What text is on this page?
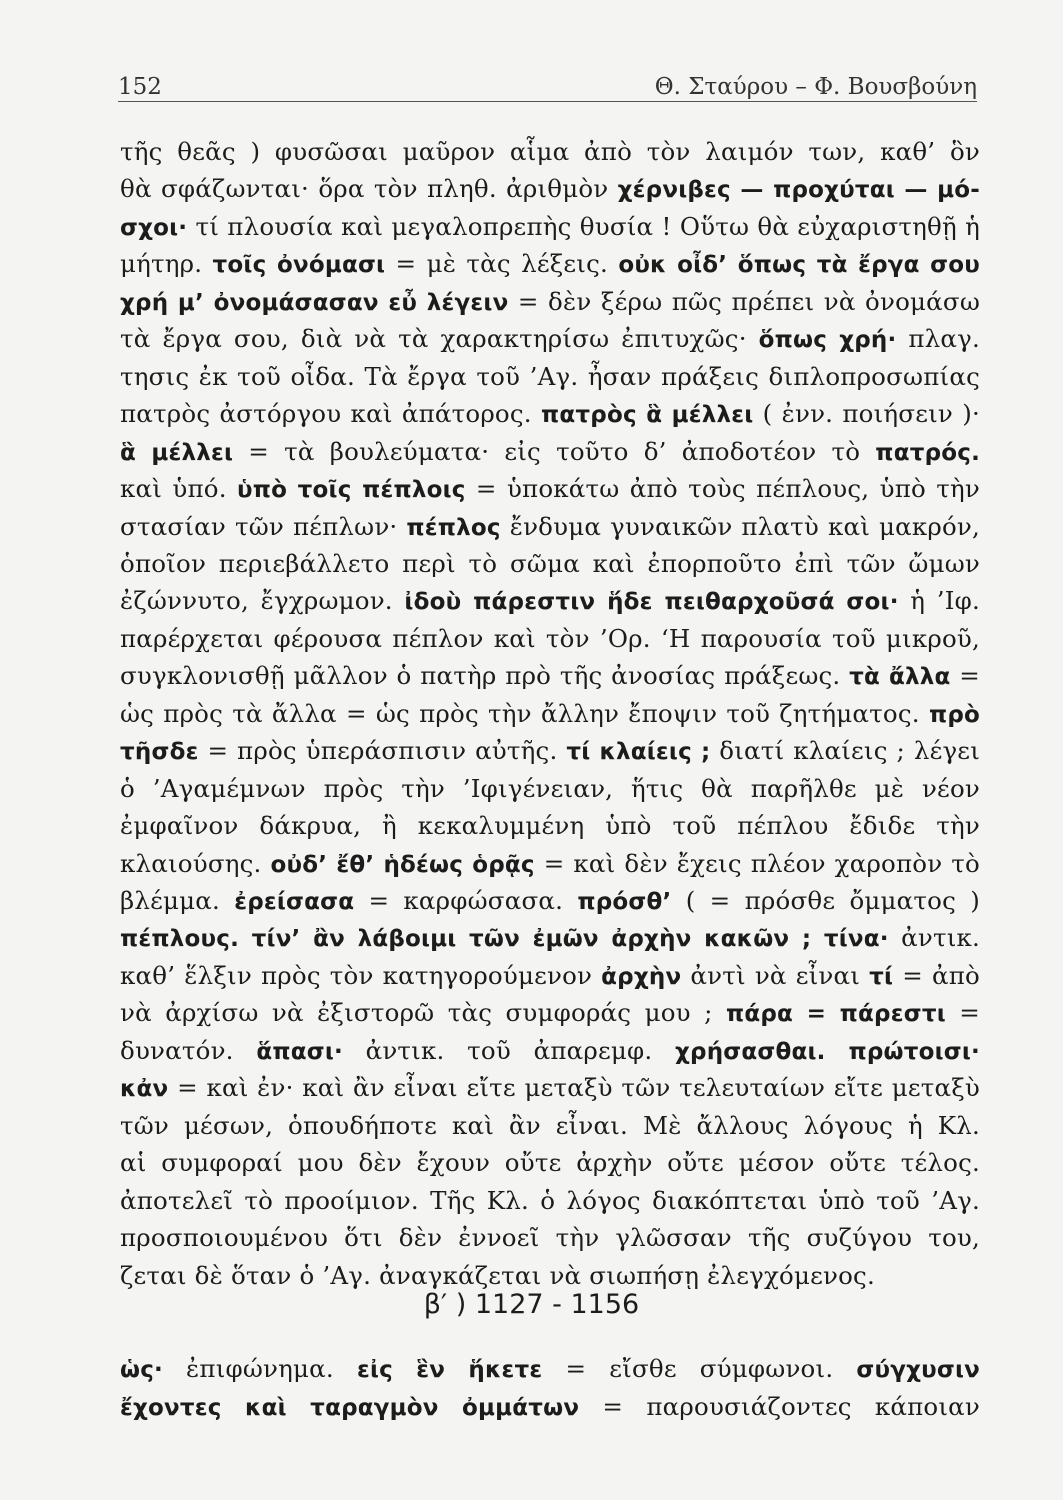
152	Θ. Σταύρου – Φ. Βουσβούνη
τῆς θεᾶς ) φυσῶσαι μαῦρον αἷμα ἀπὸ τὸν λαιμόν των, καθ’ ὃν
θὰ σφάζωνται· ὅρα τὸν πληθ. ἀριθμὸν χέρνιβες — προχύται — μό-
σχοι· τί πλουσία καὶ μεγαλοπρεπὴς θυσία ! Οὕτω θὰ εὐχαριστηθῇ ἡ
μήτηρ. τοῖς ὀνόμασι = μὲ τὰς λέξεις. οὐκ οἶδ’ ὅπως τὰ ἔργα σου
χρή μ’ ὀνομάσασαν εὖ λέγειν = δὲν ξέρω πῶς πρέπει νὰ ὀνομάσω
τὰ ἔργα σου, διὰ νὰ τὰ χαρακτηρίσω ἐπιτυχῶς· ὅπως χρή· πλαγ.
τησις ἐκ τοῦ οἶδα. Τὰ ἔργα τοῦ ’Αγ. ἦσαν πράξεις διπλοπροσωπίας
πατρὸς ἀστόργου καὶ ἀπάτορος. πατρὸς ἃ μέλλει ( ἐνν. ποιήσειν )·
ἃ μέλλει = τὰ βουλεύματα· εἰς τοῦτο δ’ ἀποδοτέον τὸ πατρός.
καὶ ὑπό. ὑπὸ τοῖς πέπλοις = ὑποκάτω ἀπὸ τοὺς πέπλους, ὑπὸ τὴν
στασίαν τῶν πέπλων· πέπλος ἔνδυμα γυναικῶν πλατὺ καὶ μακρόν,
ὁποῖον περιεβάλλετο περὶ τὸ σῶμα καὶ ἐπορποῦτο ἐπὶ τῶν ὤμων
ἐζώννυτο, ἔγχρωμον. ἰδοὺ πάρεστιν ἥδε πειθαρχοῦσά σοι· ἡ ’Ιφ.
παρέρχεται φέρουσα πέπλον καὶ τὸν ’Ορ. ‘Η παρουσία τοῦ μικροῦ,
συγκλονισθῇ μᾶλλον ὁ πατὴρ πρὸ τῆς ἀνοσίας πράξεως. τὰ ἄλλα =
ὡς πρὸς τὰ ἄλλα = ὡς πρὸς τὴν ἄλλην ἔποψιν τοῦ ζητήματος. πρὸ
τῆσδε = πρὸς ὑπεράσπισιν αὐτῆς. τί κλαίεις ; διατί κλαίεις ; λέγει
ὁ ’Αγαμέμνων πρὸς τὴν ’Ιφιγένειαν, ἥτις θὰ παρῆλθε μὲ νέον
ἐμφαῖνον δάκρυα, ἢ κεκαλυμμένη ὑπὸ τοῦ πέπλου ἔδιδε τὴν
κλαιούσης. οὐδ’ ἔθ’ ἡδέως ὁρᾷς = καὶ δὲν ἔχεις πλέον χαροπὸν τὸ
βλέμμα. ἐρείσασα = καρφώσασα. πρόσθ’ ( = πρόσθε ὄμματος )
πέπλους. τίν’ ἂν λάβοιμι τῶν ἐμῶν ἀρχὴν κακῶν ; τίνα· ἀντικ.
καθ’ ἕλξιν πρὸς τὸν κατηγορούμενον ἀρχὴν ἀντὶ νὰ εἶναι τί = ἀπὸ
νὰ ἀρχίσω νὰ ἐξιστορῶ τὰς συμφοράς μου ; πάρα = πάρεστι =
δυνατόν. ἅπασι· ἀντικ. τοῦ ἀπαρεμφ. χρήσασθαι. πρώτοισι·
κἀν = καὶ ἐν· καὶ ἂν εἶναι εἴτε μεταξὺ τῶν τελευταίων εἴτε μεταξὺ
τῶν μέσων, ὁπουδήποτε καὶ ἂν εἶναι. Μὲ ἄλλους λόγους ἡ Κλ.
αἱ συμφοραί μου δὲν ἔχουν οὔτε ἀρχὴν οὔτε μέσον οὔτε τέλος.
ἀποτελεῖ τὸ προοίμιον. Τῆς Κλ. ὁ λόγος διακόπτεται ὑπὸ τοῦ ’Αγ.
προσποιουμένου ὅτι δὲν ἐννοεῖ τὴν γλῶσσαν τῆς συζύγου του,
ζεται δὲ ὅταν ὁ ’Αγ. ἀναγκάζεται νὰ σιωπήσῃ ἐλεγχόμενος.
β′ ) 1127 - 1156
ὡς· ἐπιφώνημα. εἰς ἓν ἥκετε = εἴσθε σύμφωνοι. σύγχυσιν
ἔχοντες καὶ ταραγμὸν ὀμμάτων = παρουσιάζοντες κάποιαν
